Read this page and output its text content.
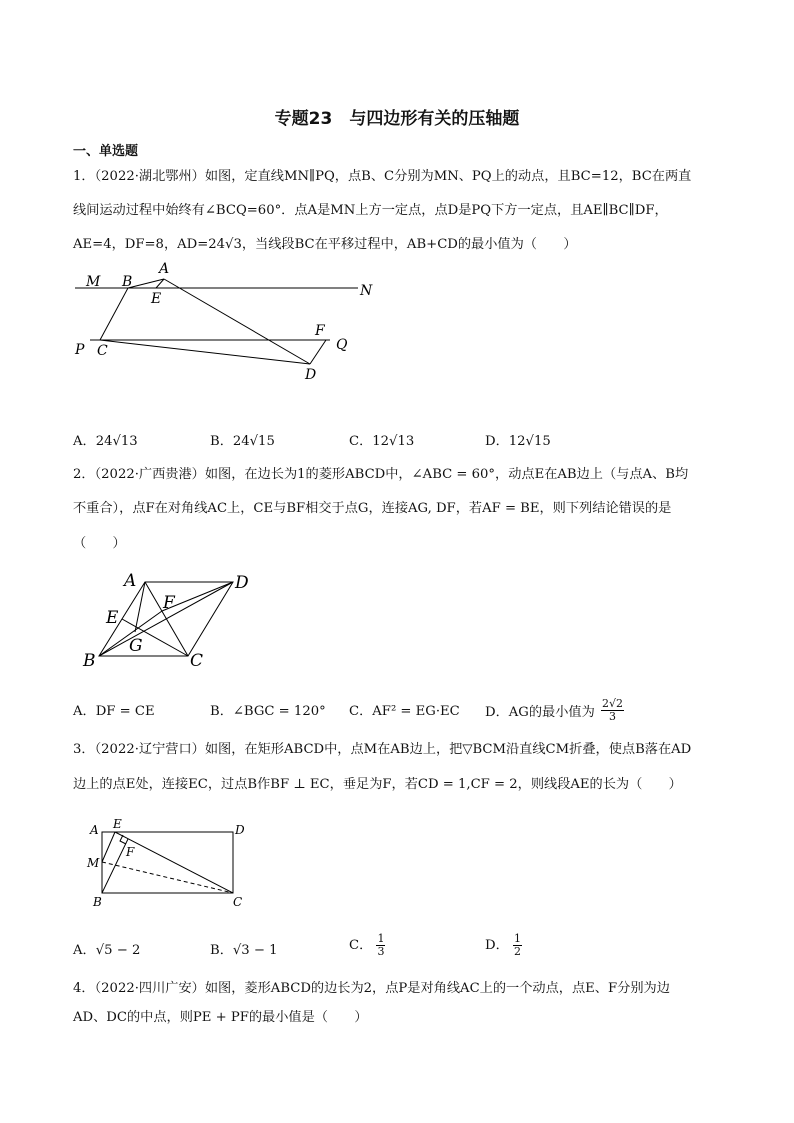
专题23　与四边形有关的压轴题
一、单选题
1．（2022·湖北鄂州）如图，定直线MN∥PQ，点B、C分别为MN、PQ上的动点，且BC=12，BC在两直
线间运动过程中始终有∠BCQ=60°．点A是MN上方一定点，点D是PQ下方一定点，且AE∥BC∥DF，
AE=4，DF=8，AD=24√3，当线段BC在平移过程中，AB+CD的最小值为（　　）
M B
A
E	N
F
P C	Q
D
A．24√13	B．24√15	C．12√13	D．12√15
2．（2022·广西贵港）如图，在边长为1的菱形ABCD中，∠ABC = 60°，动点E在AB边上（与点A、B均
不重合），点F在对角线AC上，CE与BF相交于点G，连接AG, DF，若AF = BE，则下列结论错误的是
（　　）
A	D
E
F
G
B	C
A．DF = CE	B．∠BGC = 120° C．AF² = EG·EC D．AG的最小值为 $\frac{2√2}{3}$
3．（2022·辽宁营口）如图，在矩形ABCD中，点M在AB边上，把▽BCM沿直线CM折叠，使点B落在AD
边上的点E处，连接EC，过点B作BF ⊥ EC，垂足为F，若CD = 1,CF = 2，则线段AE的长为（　　）
A E	D
M
F
B	C
A．√5 − 2	B．√3 − 1	C． $\frac{1}{3}$	D． $\frac{1}{2}$
4．（2022·四川广安）如图，菱形ABCD的边长为2，点P是对角线AC上的一个动点，点E、F分别为边
AD、DC的中点，则PE + PF的最小值是（　　）
